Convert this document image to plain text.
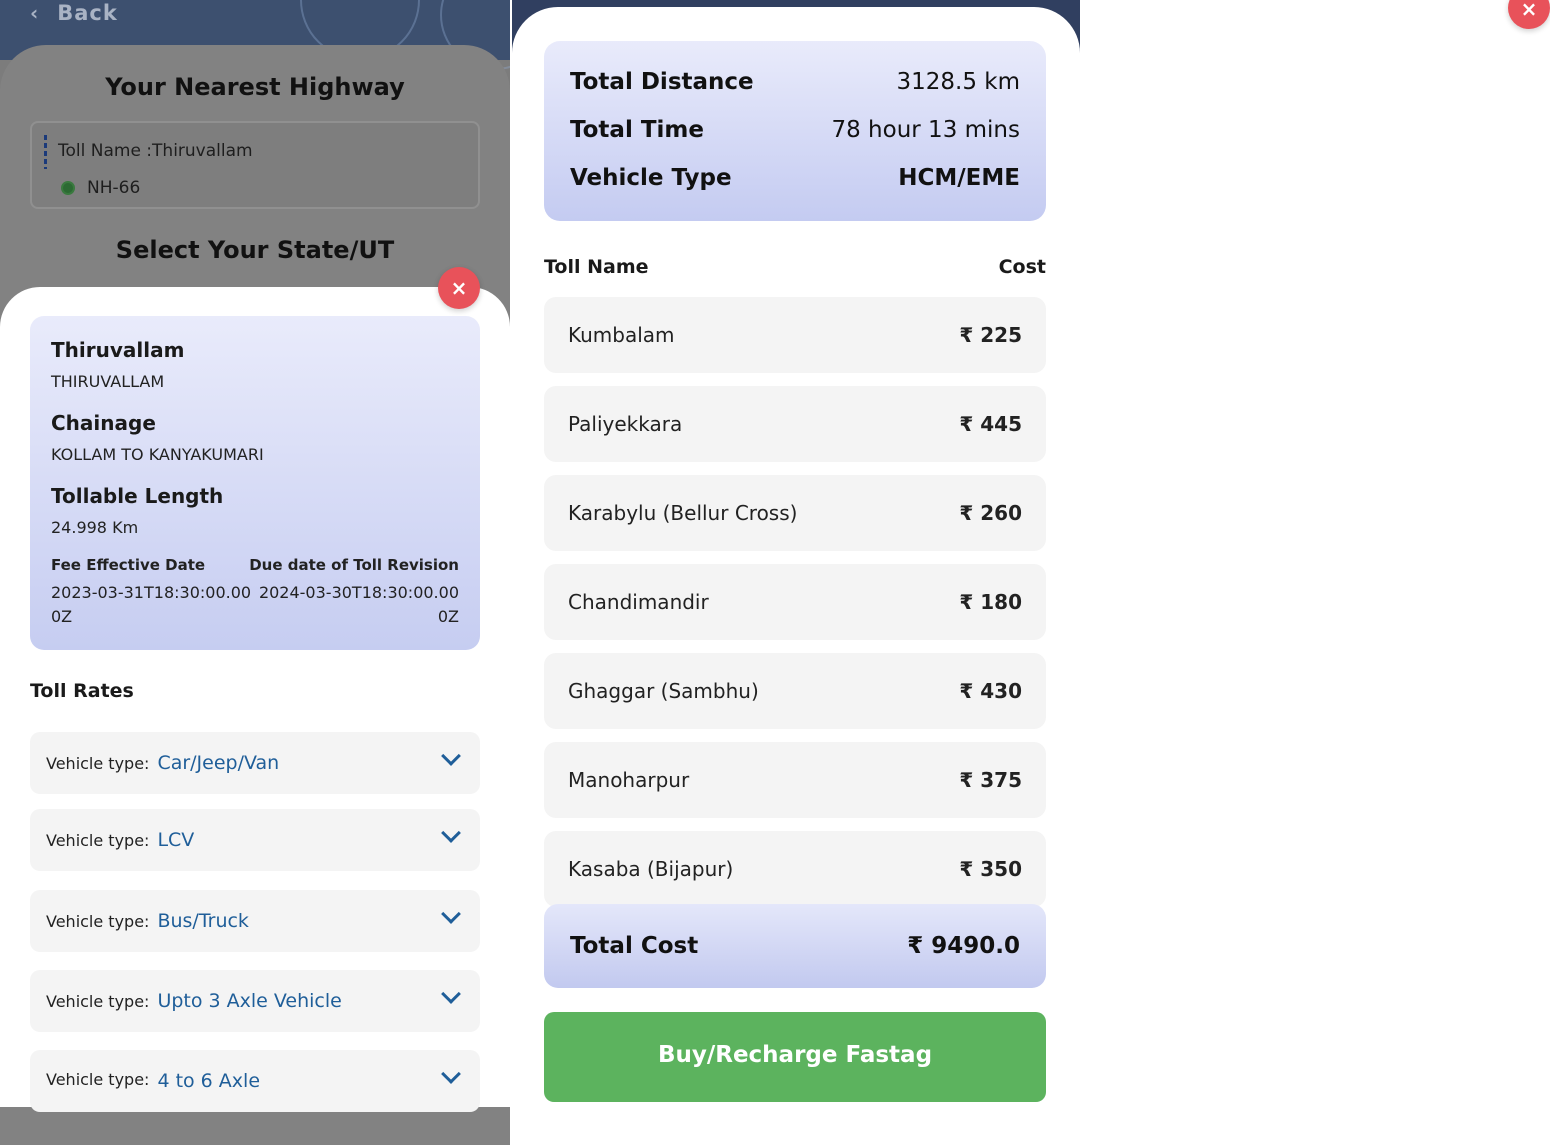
‹ Back
Your Nearest Highway
Toll Name :Thiruvallam
NH-66
Select Your State/UT
×
Thiruvallam
THIRUVALLAM
Chainage
KOLLAM TO KANYAKUMARI
Tollable Length
24.998 Km
Fee Effective Date
2023-03-31T18:30:00.000Z
Due date of Toll Revision
2024-03-30T18:30:00.000Z
Toll Rates
Vehicle type: Car/Jeep/Van
Vehicle type: LCV
Vehicle type: Bus/Truck
Vehicle type: Upto 3 Axle Vehicle
Vehicle type: 4 to 6 Axle
×
Total Distance	3128.5 km
Total Time	78 hour 13 mins
Vehicle Type	HCM/EME
Toll Name	Cost
Kumbalam	₹ 225
Paliyekkara	₹ 445
Karabylu (Bellur Cross)	₹ 260
Chandimandir	₹ 180
Ghaggar (Sambhu)	₹ 430
Manoharpur	₹ 375
Kasaba (Bijapur)	₹ 350
Total Cost	₹ 9490.0
Buy/Recharge Fastag
